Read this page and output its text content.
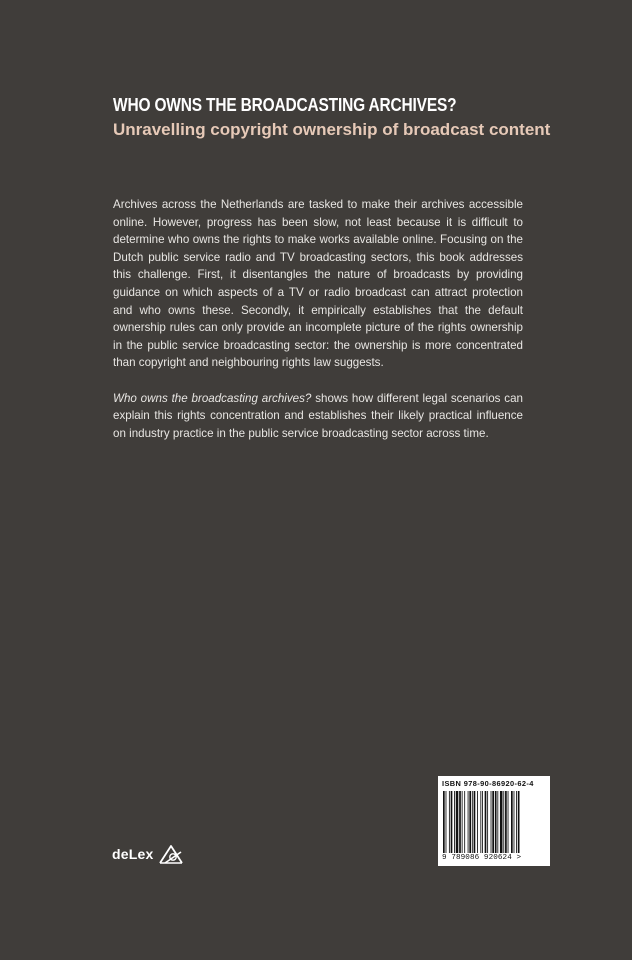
WHO OWNS THE BROADCASTING ARCHIVES?
Unravelling copyright ownership of broadcast content

Archives across the Netherlands are tasked to make their archives accessible online. However, progress has been slow, not least because it is difficult to determine who owns the rights to make works available online. Focusing on the Dutch public service radio and TV broadcasting sectors, this book addresses this challenge. First, it disentangles the nature of broadcasts by providing guidance on which aspects of a TV or radio broadcast can attract protection and who owns these. Secondly, it empirically establishes that the default ownership rules can only provide an incomplete picture of the rights ownership in the public service broadcasting sector: the ownership is more concentrated than copyright and neighbouring rights law suggests.

Who owns the broadcasting archives? shows how different legal scenarios can explain this rights concentration and establishes their likely practical influence on industry practice in the public service broadcasting sector across time.

deLex
ISBN 978-90-86920-62-4
9 789086 920624 >
